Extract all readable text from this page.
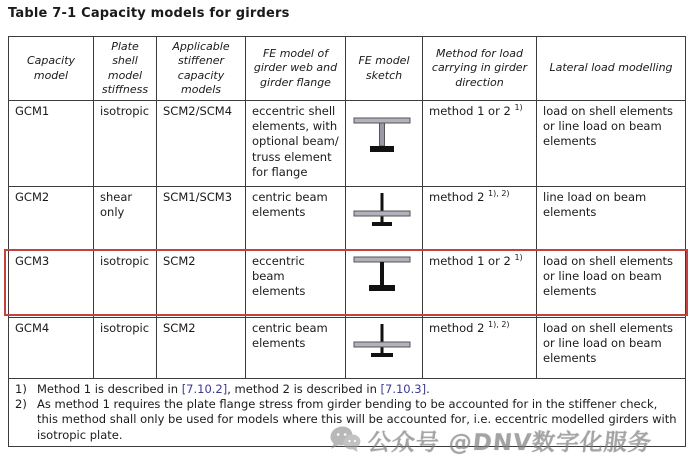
Table 7-1 Capacity models for girders
Capacity model	Plate shell model stiffness	Applicable stiffener capacity models	FE model of girder web and girder flange	FE model sketch	Method for load carrying in girder direction	Lateral load modelling
GCM1	isotropic	SCM2/SCM4	eccentric shell elements, with optional beam/ truss element for flange		method 1 or 2 $^{1)}$	load on shell elements or line load on beam elements
GCM2	shear only	SCM1/SCM3	centric beam elements		method 2 $^{1), 2)}$	line load on beam elements
GCM3	isotropic	SCM2	eccentric beam elements		method 1 or 2 $^{1)}$	load on shell elements or line load on beam elements
GCM4	isotropic	SCM2	centric beam elements		method 2 $^{1), 2)}$	load on shell elements or line load on beam elements

1) Method 1 is described in [7.10.2], method 2 is described in [7.10.3].
2) As method 1 requires the plate flange stress from girder bending to be accounted for in the stiffener check, this method shall only be used for models where this will be accounted for, i.e. eccentric modelled girders with isotropic plate.							公众号 @DNV数字化服务
